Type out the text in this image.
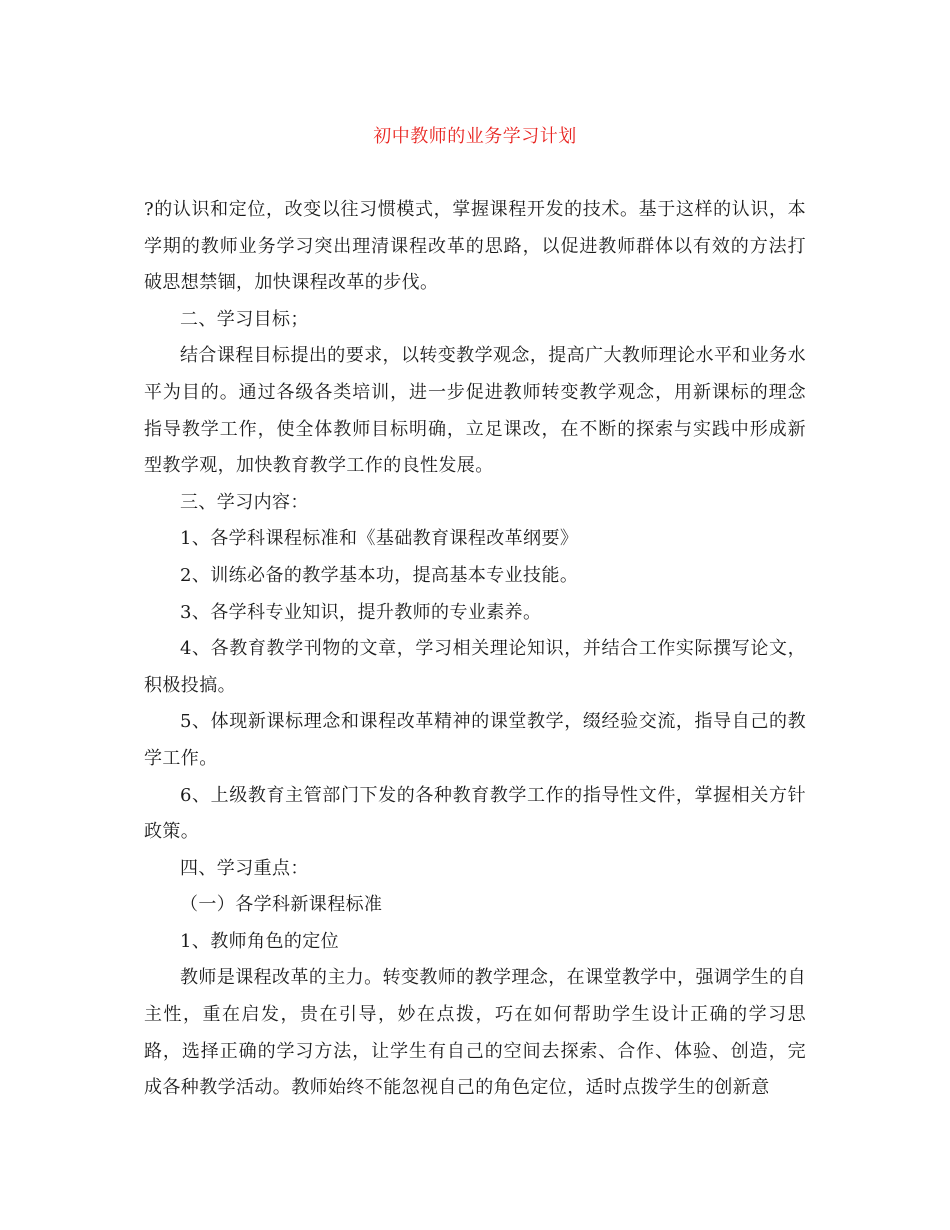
初中教师的业务学习计划

?的认识和定位，改变以往习惯模式，掌握课程开发的技术。基于这样的认识，本学期的教师业务学习突出理清课程改革的思路，以促进教师群体以有效的方法打破思想禁锢，加快课程改革的步伐。

二、学习目标；

结合课程目标提出的要求，以转变教学观念，提高广大教师理论水平和业务水平为目的。通过各级各类培训，进一步促进教师转变教学观念，用新课标的理念指导教学工作，使全体教师目标明确，立足课改，在不断的探索与实践中形成新型教学观，加快教育教学工作的良性发展。

三、学习内容：

1、各学科课程标准和《基础教育课程改革纲要》

2、训练必备的教学基本功，提高基本专业技能。

3、各学科专业知识，提升教师的专业素养。

4、各教育教学刊物的文章，学习相关理论知识，并结合工作实际撰写论文，积极投搞。

5、体现新课标理念和课程改革精神的课堂教学，缀经验交流，指导自己的教学工作。

6、上级教育主管部门下发的各种教育教学工作的指导性文件，掌握相关方针政策。

四、学习重点：

（一）各学科新课程标准

1、教师角色的定位

教师是课程改革的主力。转变教师的教学理念，在课堂教学中，强调学生的自主性，重在启发，贵在引导，妙在点拨，巧在如何帮助学生设计正确的学习思路，选择正确的学习方法，让学生有自己的空间去探索、合作、体验、创造，完成各种教学活动。教师始终不能忽视自己的角色定位，适时点拨学生的创新意
